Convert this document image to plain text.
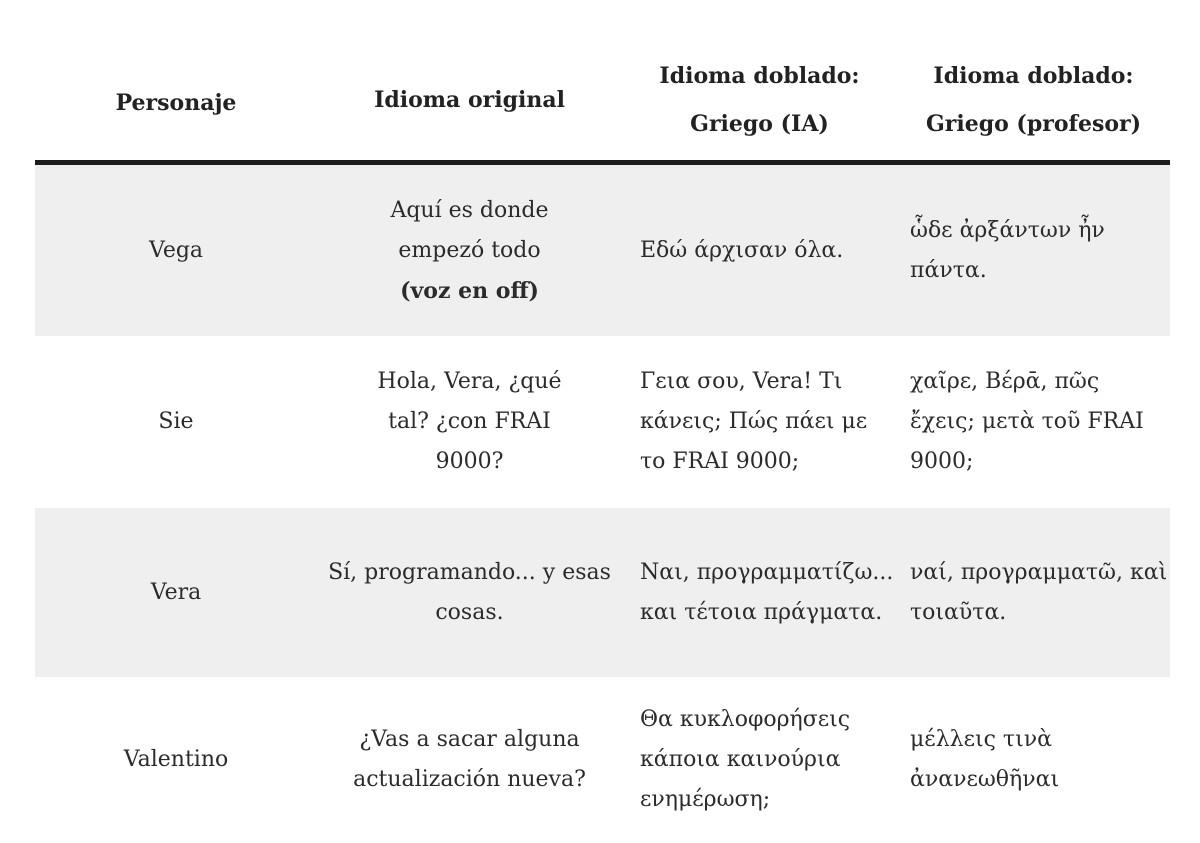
Personaje	Idioma original
Idioma doblado:
Griego (IA)
Idioma doblado:
Griego (profesor)
Vega
Aquí es donde
empezó todo
(voz en off)
Εδώ άρχισαν όλα.
ὧδε ἀρξάντων ἦν πάντα.
Sie
Hola, Vera, ¿qué tal? ¿con FRAI 9000?
Γεια σου, Vera! Τι κάνεις; Πώς πάει με το FRAI 9000;
χαῖρε, Βέρᾱ, πῶς ἔχεις; μετὰ τοῦ FRAI 9000;
Vera
Sí, programando... y esas cosas.
Ναι, προγραμματίζω... και τέτοια πράγματα.
ναί, προγραμματῶ, καὶ τοιαῦτα.
Valentino
¿Vas a sacar alguna actualización nueva?
Θα κυκλοφορήσεις κάποια καινούρια ενημέρωση;
μέλλεις τινὰ ἀνανεωθῆναι
